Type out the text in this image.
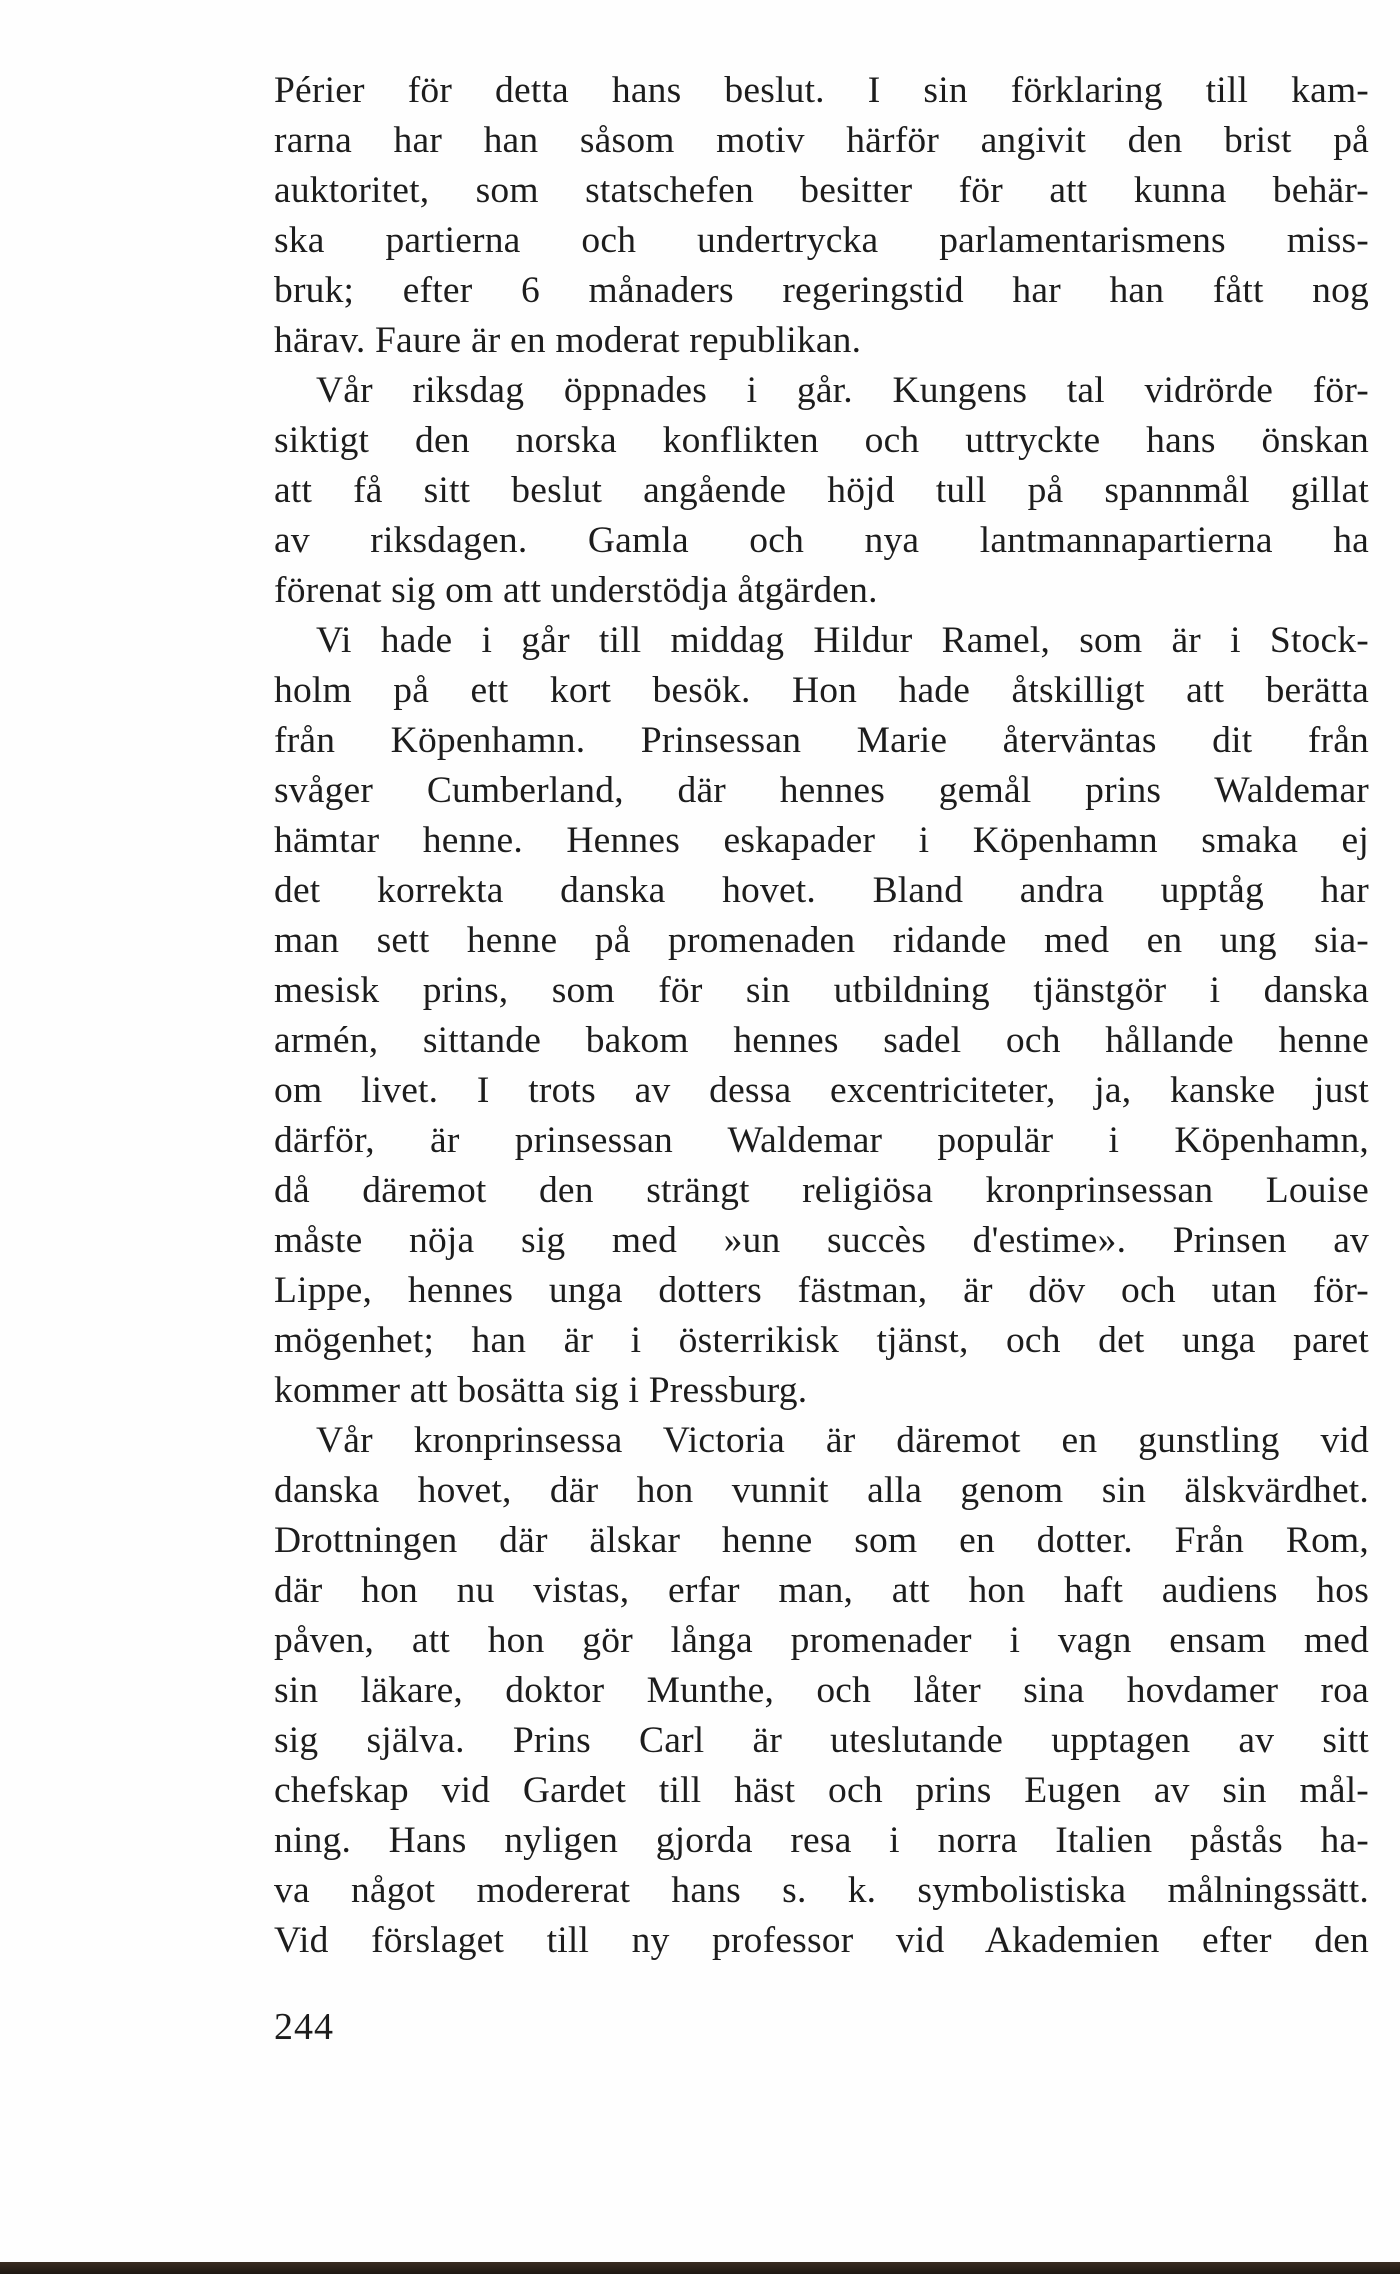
Périer för detta hans beslut. I sin förklaring till kam-
rarna har han såsom motiv härför angivit den brist på
auktoritet, som statschefen besitter för att kunna behär-
ska partierna och undertrycka parlamentarismens miss-
bruk; efter 6 månaders regeringstid har han fått nog
härav. Faure är en moderat republikan.
Vår riksdag öppnades i går. Kungens tal vidrörde för-
siktigt den norska konflikten och uttryckte hans önskan
att få sitt beslut angående höjd tull på spannmål gillat
av riksdagen. Gamla och nya lantmannapartierna ha
förenat sig om att understödja åtgärden.
Vi hade i går till middag Hildur Ramel, som är i Stock-
holm på ett kort besök. Hon hade åtskilligt att berätta
från Köpenhamn. Prinsessan Marie återväntas dit från
svåger Cumberland, där hennes gemål prins Waldemar
hämtar henne. Hennes eskapader i Köpenhamn smaka ej
det korrekta danska hovet. Bland andra upptåg har
man sett henne på promenaden ridande med en ung sia-
mesisk prins, som för sin utbildning tjänstgör i danska
armén, sittande bakom hennes sadel och hållande henne
om livet. I trots av dessa excentriciteter, ja, kanske just
därför, är prinsessan Waldemar populär i Köpenhamn,
då däremot den strängt religiösa kronprinsessan Louise
måste nöja sig med »un succès d'estime». Prinsen av
Lippe, hennes unga dotters fästman, är döv och utan för-
mögenhet; han är i österrikisk tjänst, och det unga paret
kommer att bosätta sig i Pressburg.
Vår kronprinsessa Victoria är däremot en gunstling vid
danska hovet, där hon vunnit alla genom sin älskvärdhet.
Drottningen där älskar henne som en dotter. Från Rom,
där hon nu vistas, erfar man, att hon haft audiens hos
påven, att hon gör långa promenader i vagn ensam med
sin läkare, doktor Munthe, och låter sina hovdamer roa
sig själva. Prins Carl är uteslutande upptagen av sitt
chefskap vid Gardet till häst och prins Eugen av sin mål-
ning. Hans nyligen gjorda resa i norra Italien påstås ha-
va något modererat hans s. k. symbolistiska målningssätt.
Vid förslaget till ny professor vid Akademien efter den
244
